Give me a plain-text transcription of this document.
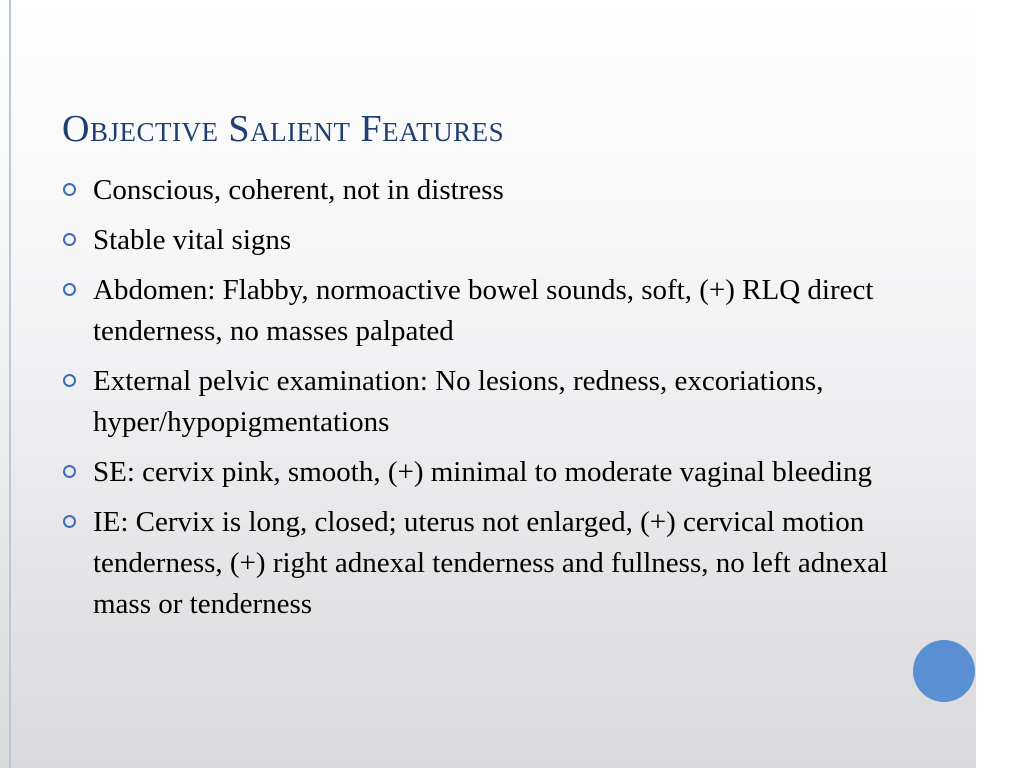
Objective Salient Features
Conscious, coherent, not in distress
Stable vital signs
Abdomen: Flabby, normoactive bowel sounds, soft, (+) RLQ direct tenderness, no masses palpated
External pelvic examination: No lesions, redness, excoriations, hyper/hypopigmentations
SE: cervix pink, smooth, (+) minimal to moderate vaginal bleeding
IE: Cervix is long, closed; uterus not enlarged, (+) cervical motion tenderness, (+) right adnexal tenderness and fullness, no left adnexal mass or tenderness
